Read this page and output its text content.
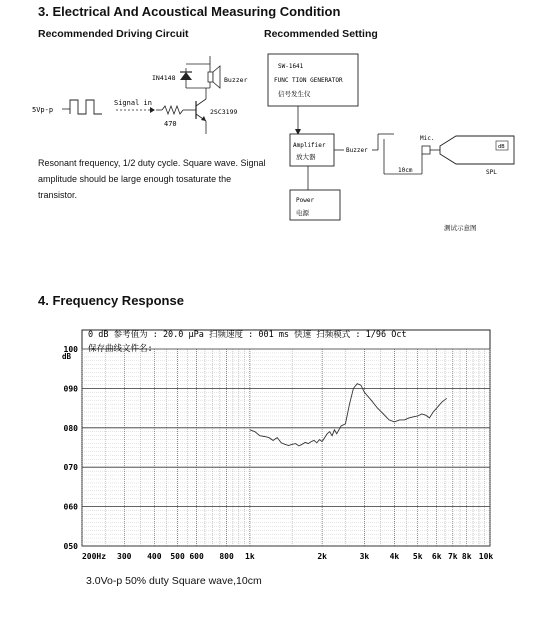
3. Electrical And Acoustical Measuring Condition
Recommended Driving Circuit	Recommended Setting
5Vp-p
Signal in
470
2SC3199
IN4148	Buzzer
Resonant frequency, 1/2 duty cycle. Square wave. Signal amplitude should be large enough tosaturate the transistor.
SW-1641
FUNC TION GENERATOR
信号发生仪
Amplifier
放大器
Buzzer
10cm
Mic.
dB
SPL
Power
电源
测试示意图
4. Frequency Response
0 dB 参考值为 : 20.0 µPa 扫频速度 : 001 ms 快速 扫频模式 : 1/96 Oct
保存曲线文件名:
dB
100
090
080
070
060
050
200Hz 300 400 500 600 800 1k	2k	3k	4k 5k 6k 7k 8k 10k
3.0Vo-p 50% duty Square wave,10cm
